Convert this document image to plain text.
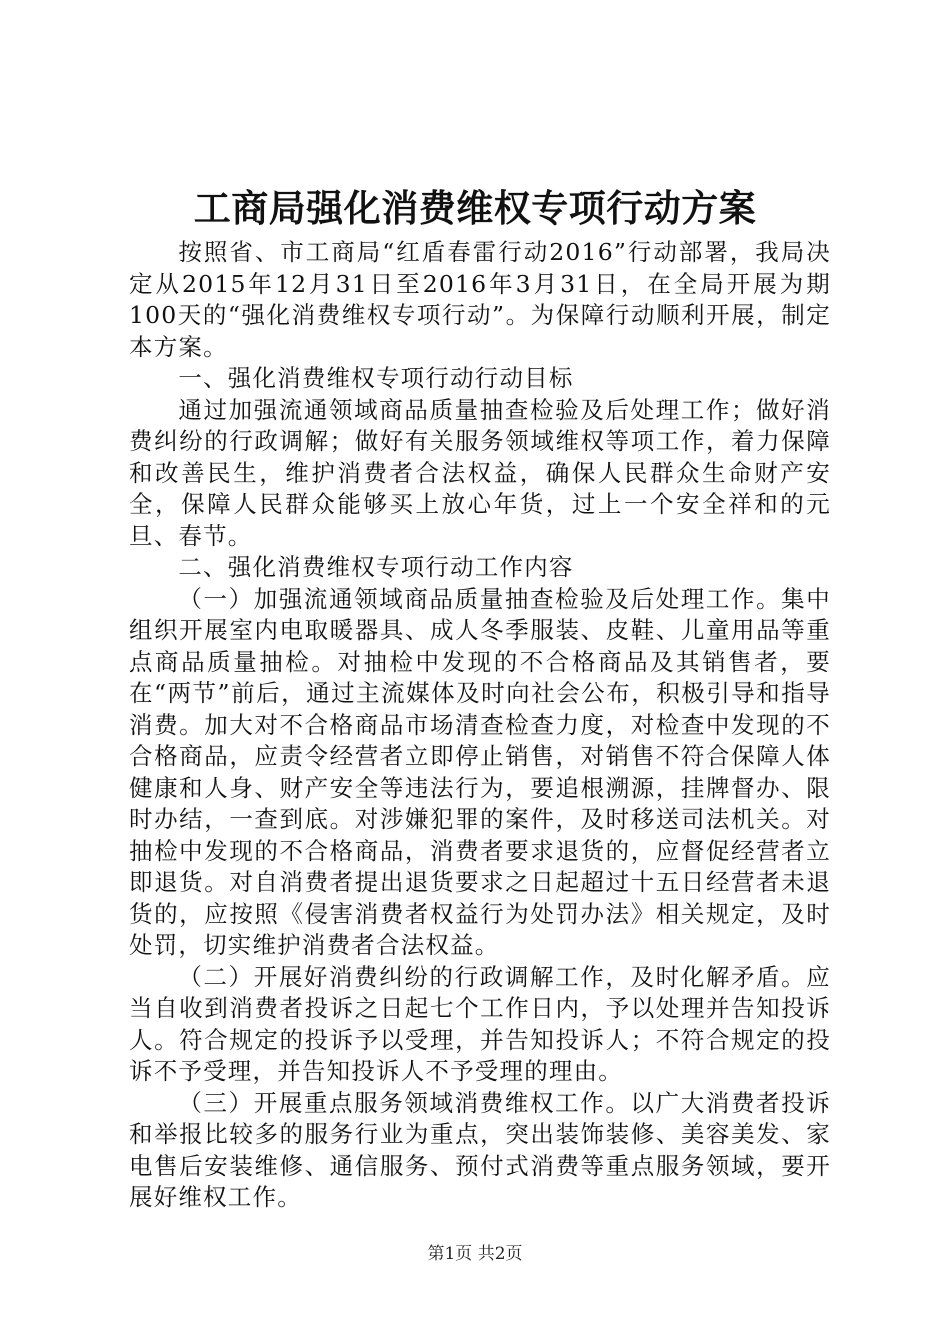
工商局强化消费维权专项行动方案

按照省、市工商局“红盾春雷行动2016”行动部署，我局决定从2015年12月31日至2016年3月31日，在全局开展为期100天的“强化消费维权专项行动”。为保障行动顺利开展，制定本方案。

一、强化消费维权专项行动行动目标

通过加强流通领域商品质量抽查检验及后处理工作；做好消费纠纷的行政调解；做好有关服务领域维权等项工作，着力保障和改善民生，维护消费者合法权益，确保人民群众生命财产安全，保障人民群众能够买上放心年货，过上一个安全祥和的元旦、春节。

二、强化消费维权专项行动工作内容

（一）加强流通领域商品质量抽查检验及后处理工作。集中组织开展室内电取暖器具、成人冬季服装、皮鞋、儿童用品等重点商品质量抽检。对抽检中发现的不合格商品及其销售者，要在“两节”前后，通过主流媒体及时向社会公布，积极引导和指导消费。加大对不合格商品市场清查检查力度，对检查中发现的不合格商品，应责令经营者立即停止销售，对销售不符合保障人体健康和人身、财产安全等违法行为，要追根溯源，挂牌督办、限时办结，一查到底。对涉嫌犯罪的案件，及时移送司法机关。对抽检中发现的不合格商品，消费者要求退货的，应督促经营者立即退货。对自消费者提出退货要求之日起超过十五日经营者未退货的，应按照《侵害消费者权益行为处罚办法》相关规定，及时处罚，切实维护消费者合法权益。

（二）开展好消费纠纷的行政调解工作，及时化解矛盾。应当自收到消费者投诉之日起七个工作日内，予以处理并告知投诉人。符合规定的投诉予以受理，并告知投诉人；不符合规定的投诉不予受理，并告知投诉人不予受理的理由。

（三）开展重点服务领域消费维权工作。以广大消费者投诉和举报比较多的服务行业为重点，突出装饰装修、美容美发、家电售后安装维修、通信服务、预付式消费等重点服务领域，要开展好维权工作。

第1页 共2页
